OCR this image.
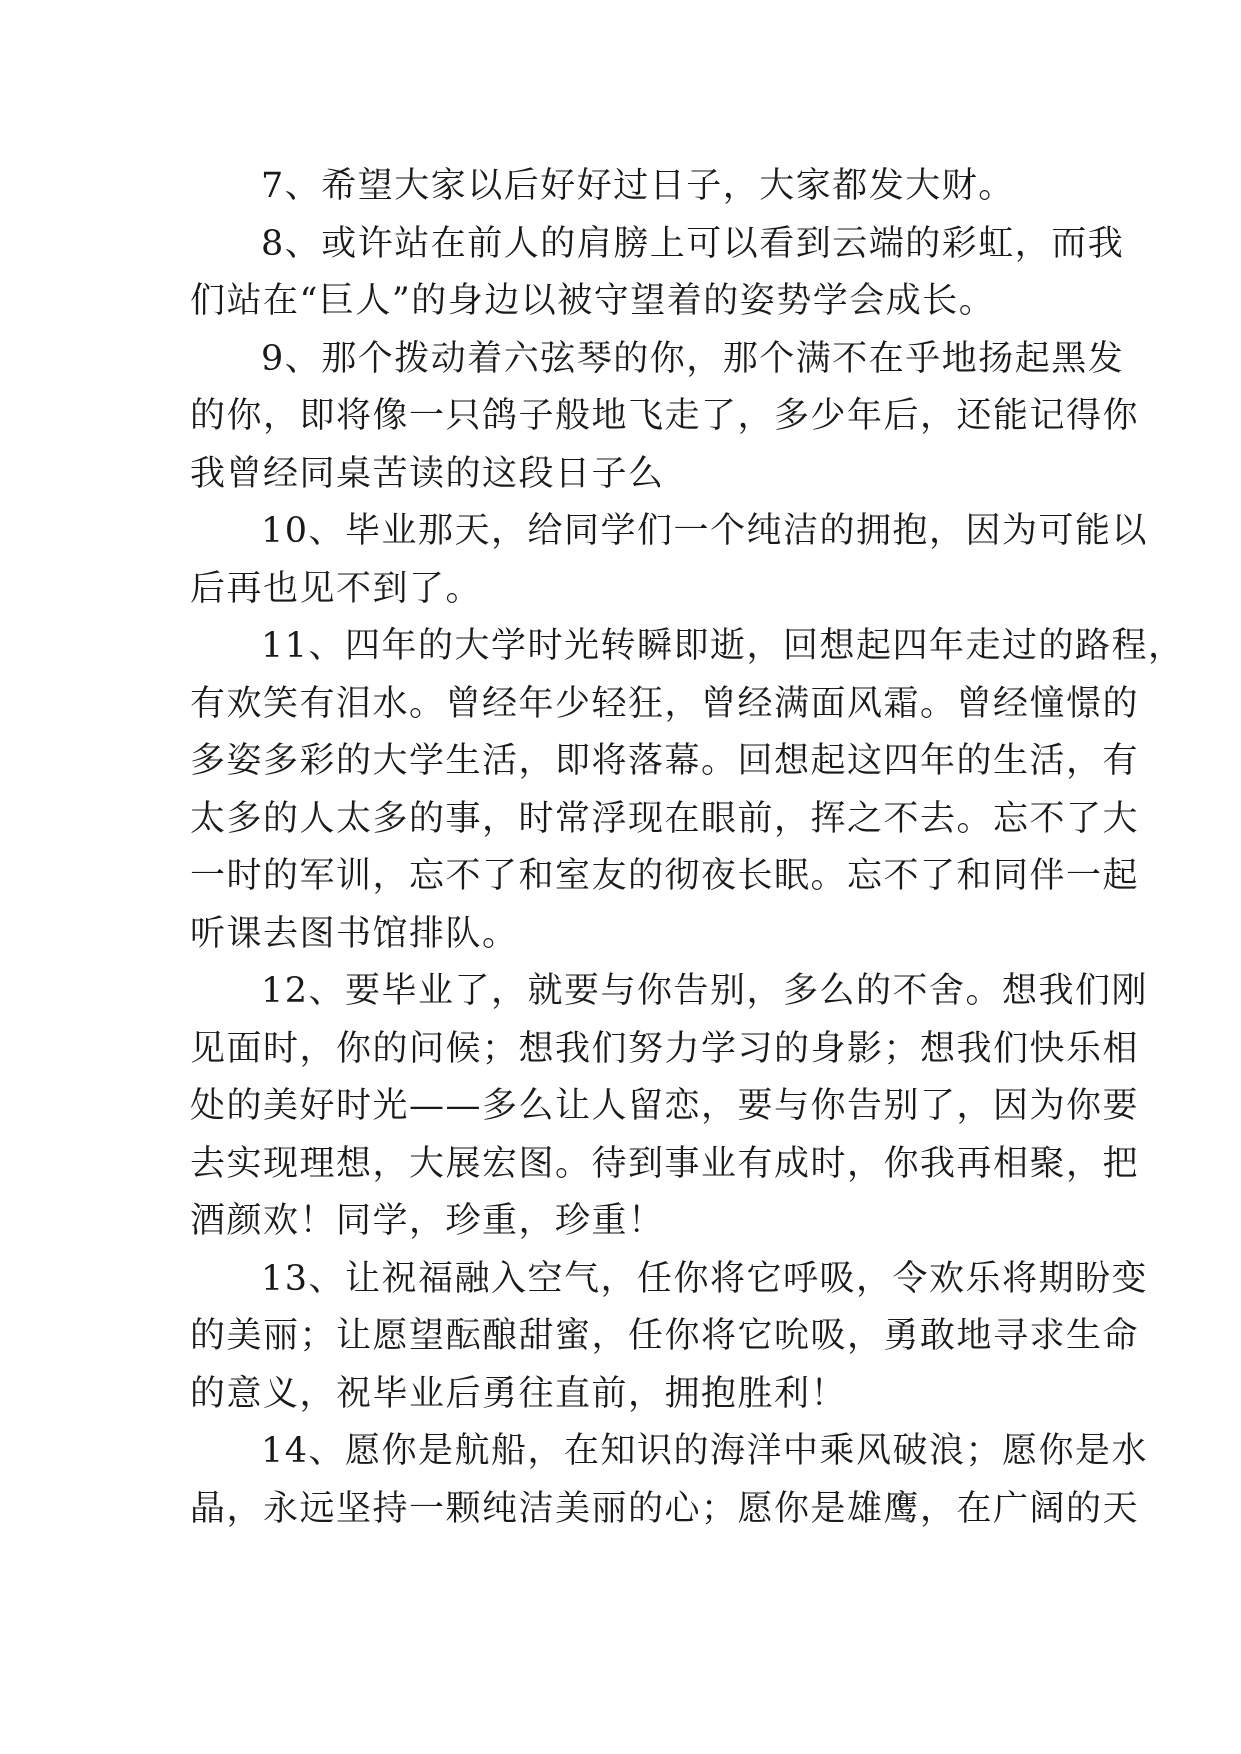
7、希望大家以后好好过日子，大家都发大财。
8、或许站在前人的肩膀上可以看到云端的彩虹，而我
们站在“巨人”的身边以被守望着的姿势学会成长。
9、那个拨动着六弦琴的你，那个满不在乎地扬起黑发
的你，即将像一只鸽子般地飞走了，多少年后，还能记得你
我曾经同桌苦读的这段日子么
10、毕业那天，给同学们一个纯洁的拥抱，因为可能以
后再也见不到了。
11、四年的大学时光转瞬即逝，回想起四年走过的路程，
有欢笑有泪水。曾经年少轻狂，曾经满面风霜。曾经憧憬的
多姿多彩的大学生活，即将落幕。回想起这四年的生活，有
太多的人太多的事，时常浮现在眼前，挥之不去。忘不了大
一时的军训，忘不了和室友的彻夜长眠。忘不了和同伴一起
听课去图书馆排队。
12、要毕业了，就要与你告别，多么的不舍。想我们刚
见面时，你的问候；想我们努力学习的身影；想我们快乐相
处的美好时光——多么让人留恋，要与你告别了，因为你要
去实现理想，大展宏图。待到事业有成时，你我再相聚，把
酒颜欢！同学，珍重，珍重！
13、让祝福融入空气，任你将它呼吸，令欢乐将期盼变
的美丽；让愿望酝酿甜蜜，任你将它吮吸，勇敢地寻求生命
的意义，祝毕业后勇往直前，拥抱胜利！
14、愿你是航船，在知识的海洋中乘风破浪；愿你是水
晶，永远坚持一颗纯洁美丽的心；愿你是雄鹰，在广阔的天
